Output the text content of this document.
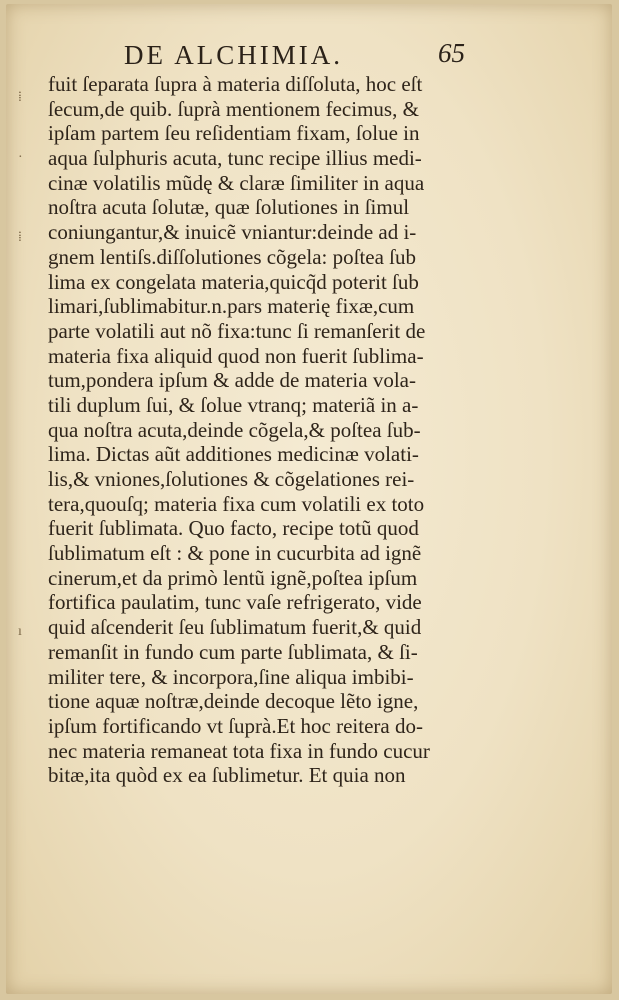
DE ALCHIMIA.	65
⁞
·
⁞
ı
fuit ſeparata ſupra à materia diſſoluta, hoc eſt
ſecum,de quib. ſuprà mentionem fecimus, &
ipſam partem ſeu reſidentiam fixam, ſolue in
aqua ſulphuris acuta, tunc recipe illius medi-
cinæ volatilis mũdę & claræ ſimiliter in aqua
noſtra acuta ſolutæ, quæ ſolutiones in ſimul
coniungantur,& inuicẽ vniantur:deinde ad i-
gnem lentiſs.diſſolutiones cõgela: poſtea ſub
lima ex congelata materia,quicq̃d poterit ſub
limari,ſublimabitur.n.pars materię fixæ,cum
parte volatili aut nõ fixa:tunc ſi remanſerit de
materia fixa aliquid quod non fuerit ſublima-
tum,pondera ipſum & adde de materia vola-
tili duplum ſui, & ſolue vtranq; materiã in a-
qua noſtra acuta,deinde cõgela,& poſtea ſub-
lima. Dictas aũt additiones medicinæ volati-
lis,& vniones,ſolutiones & cõgelationes rei-
tera,quouſq; materia fixa cum volatili ex toto
fuerit ſublimata. Quo facto, recipe totũ quod
ſublimatum eſt : & pone in cucurbita ad ignẽ
cinerum,et da primò lentũ ignẽ,poſtea ipſum
fortifica paulatim, tunc vaſe refrigerato, vide
quid aſcenderit ſeu ſublimatum fuerit,& quid
remanſit in fundo cum parte ſublimata, & ſi-
militer tere, & incorpora,ſine aliqua imbibi-
tione aquæ noſtræ,deinde decoque lẽto igne,
ipſum fortificando vt ſuprà.Et hoc reitera do-
nec materia remaneat tota fixa in fundo cucur
bitæ,ita quòd ex ea ſublimetur. Et quia non
